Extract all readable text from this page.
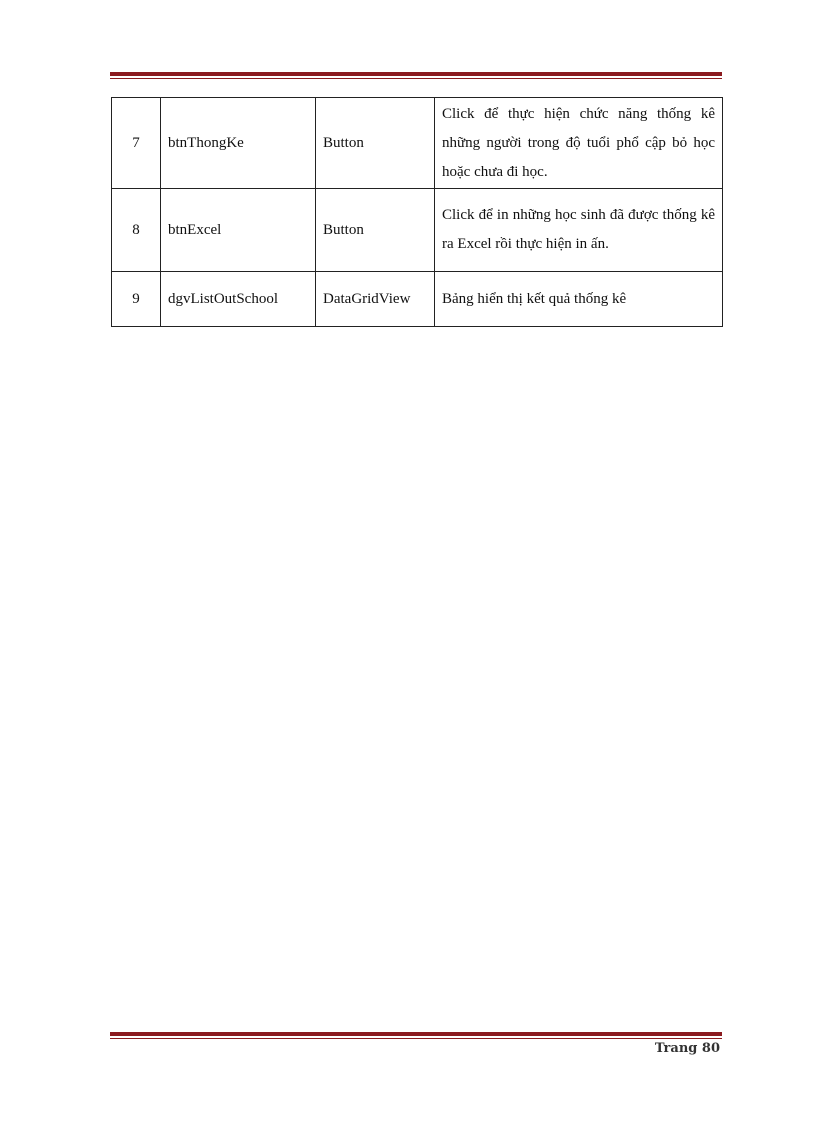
7	btnThongKe	Button	Click để thực hiện chức năng thống kê những người trong độ tuổi phổ cập bỏ học hoặc chưa đi học.
8	btnExcel	Button	Click để in những học sinh đã được thống kê ra Excel rồi thực hiện in ấn.
9	dgvListOutSchool	DataGridView	Bảng hiển thị kết quả thống kê
Trang 80
